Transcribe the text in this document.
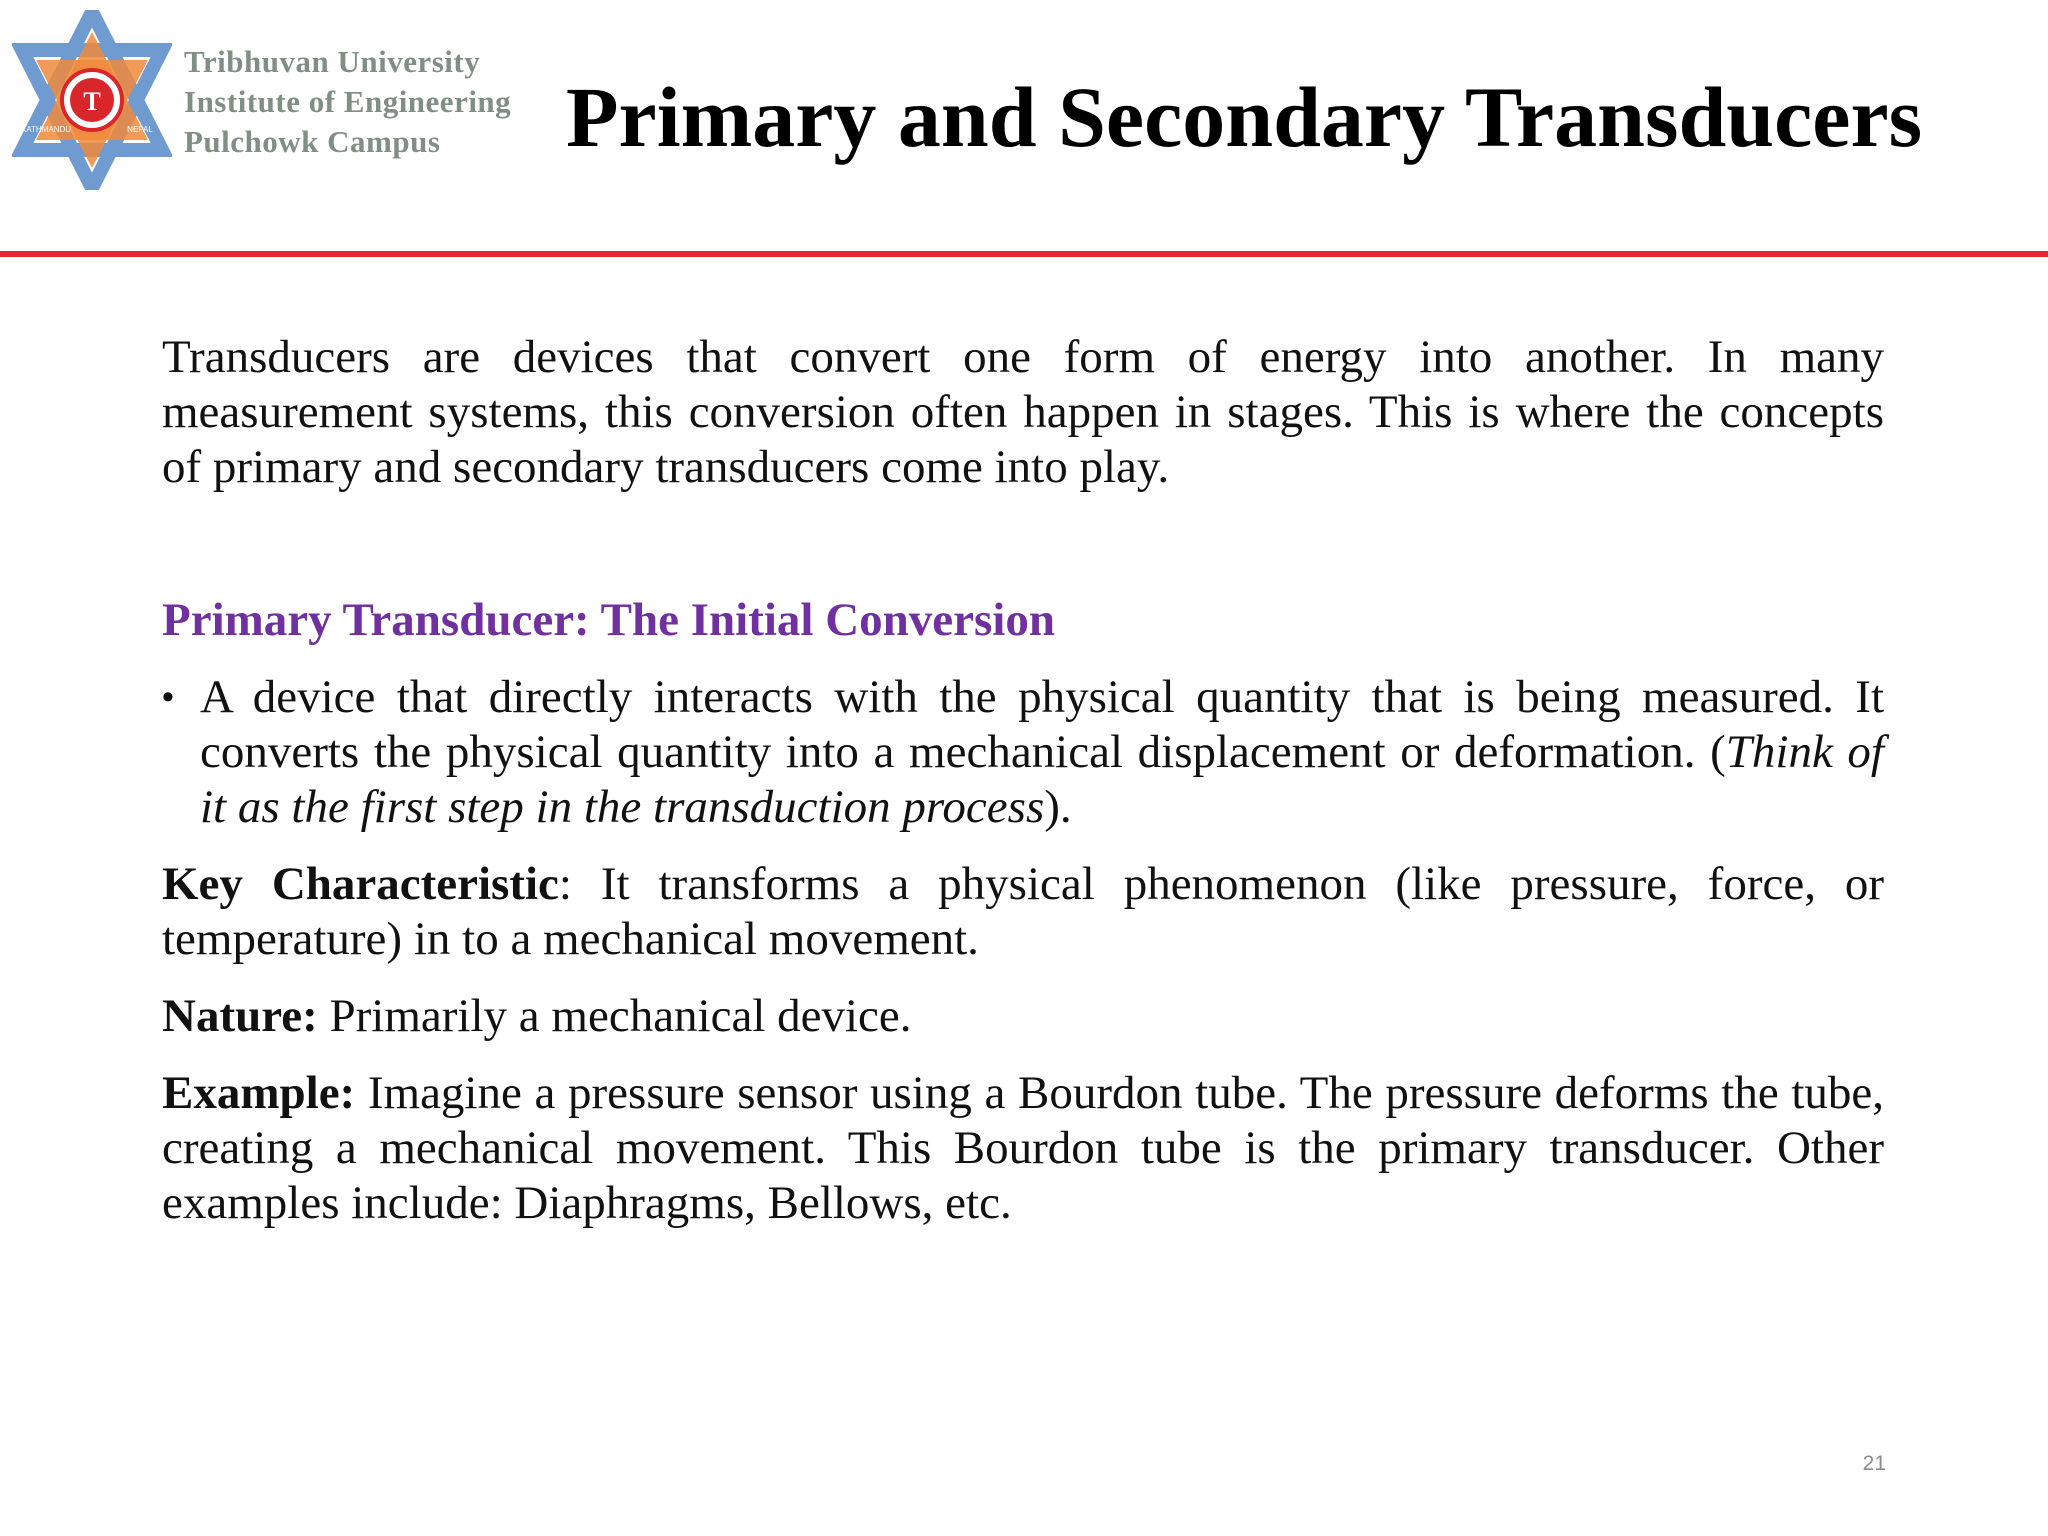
T
KATHMANDU	NEPAL
Tribhuvan University
Institute of Engineering
Pulchowk Campus	Primary and Secondary Transducers

Transducers are devices that convert one form of energy into another. In many measurement systems, this conversion often happen in stages. This is where the concepts of primary and secondary transducers come into play.

Primary Transducer: The Initial Conversion

• A device that directly interacts with the physical quantity that is being measured. It converts the physical quantity into a mechanical displacement or deformation. (Think of it as the first step in the transduction process).

Key Characteristic: It transforms a physical phenomenon (like pressure, force, or temperature) in to a mechanical movement.

Nature: Primarily a mechanical device.

Example: Imagine a pressure sensor using a Bourdon tube. The pressure deforms the tube, creating a mechanical movement. This Bourdon tube is the primary transducer. Other examples include: Diaphragms, Bellows, etc.

21
